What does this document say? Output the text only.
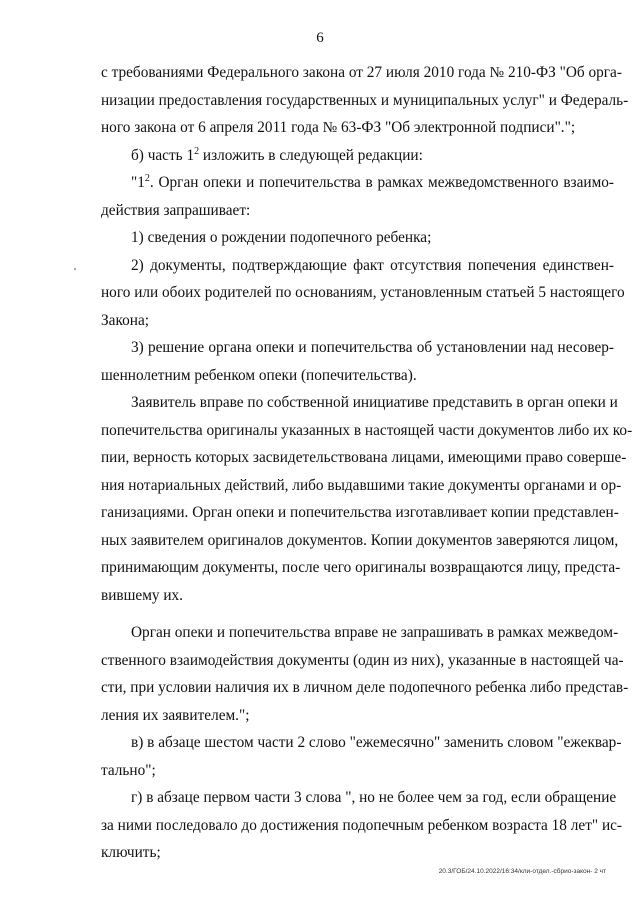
6
с требованиями Федерального закона от 27 июля 2010 года № 210-ФЗ "Об орга-
низации предоставления государственных и муниципальных услуг" и Федераль-
ного закона от 6 апреля 2011 года № 63-ФЗ "Об электронной подписи".";
б) часть $1^2$ изложить в следующей редакции:
"$1^2$. Орган опеки и попечительства в рамках межведомственного взаимо-
действия запрашивает:
1) сведения о рождении подопечного ребенка;
2) документы, подтверждающие факт отсутствия попечения единствен-
ного или обоих родителей по основаниям, установленным статьей 5 настоящего
Закона;
3) решение органа опеки и попечительства об установлении над несовер-
шеннолетним ребенком опеки (попечительства).
Заявитель вправе по собственной инициативе представить в орган опеки и
попечительства оригиналы указанных в настоящей части документов либо их ко-
пии, верность которых засвидетельствована лицами, имеющими право соверше-
ния нотариальных действий, либо выдавшими такие документы органами и ор-
ганизациями. Орган опеки и попечительства изготавливает копии представлен-
ных заявителем оригиналов документов. Копии документов заверяются лицом,
принимающим документы, после чего оригиналы возвращаются лицу, предста-
вившему их.
Орган опеки и попечительства вправе не запрашивать в рамках межведом-
ственного взаимодействия документы (один из них), указанные в настоящей ча-
сти, при условии наличия их в личном деле подопечного ребенка либо представ-
ления их заявителем.";
в) в абзаце шестом части 2 слово "ежемесячно" заменить словом "ежеквар-
тально";
г) в абзаце первом части 3 слова ", но не более чем за год, если обращение
за ними последовало до достижения подопечным ребенком возраста 18 лет" ис-
ключить;
20.3/ГОБ/24.10.2022/16:34/кли-отдел.-сбрио-закон- 2 чт
